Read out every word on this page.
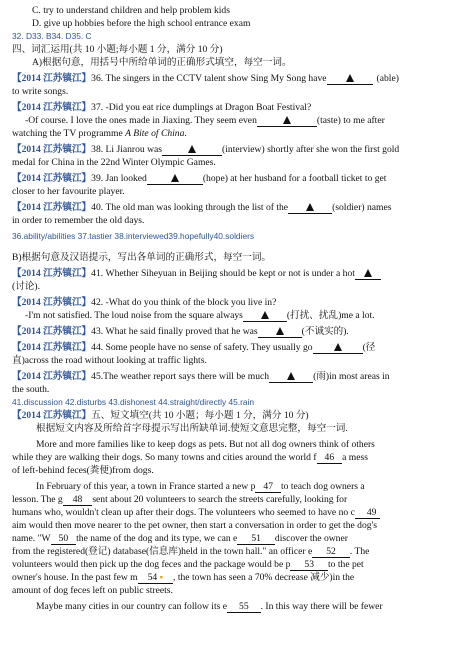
C. try to understand children and help problem kids
D. give up hobbies before the high school entrance exam
32. D33. B34. D35. C
四、词汇运用(共 10 小题;每小题 1 分，满分 10 分)
A)根据句意，用括号中所给单词的正确形式填空，每空一词。
【2014 江苏镇江】36. The singers in the CCTV talent show Sing My Song have	(able)
to write songs.
【2014 江苏镇江】37. -Did you eat rice dumplings at Dragon Boat Festival?
-Of course. I love the ones made in Jiaxing. They seem even	(taste) to me after
watching the TV programme A Bite of China.
【2014 江苏镇江】38. Li Jianrou was	(interview) shortly after she won the first gold
medal for China in the 22nd Winter Olympic Games.
【2014 江苏镇江】39. Jan looked	(hope) at her husband for a football ticket to get
closer to her favourite player.
【2014 江苏镇江】40. The old man was looking through the list of the	(soldier) names
in order to remember the old days.
36.ability/abilities 37.tastier 38.interviewed39.hopefully40.soldiers
B)根据句意及汉语提示，写出各单词的正确形式，每空一词。
【2014 江苏镇江】41. Whether Siheyuan in Beijing should be kept or not is under a hot
(讨论).
【2014 江苏镇江】42. -What do you think of the block you live in?
-I'm not satisfied. The loud noise from the square always	(打扰、扰乱)me a lot.
【2014 江苏镇江】43. What he said finally proved that he was	(不诚实的).
【2014 江苏镇江】44. Some people have no sense of safety. They usually go	(径
直)across the road without looking at traffic lights.
【2014 江苏镇江】45.The weather report says there will be much	(雨)in most areas in
the south.
41.discussion 42.disturbs 43.dishonest 44.straight/directly 45.rain
【2014 江苏镇江】五、短文填空(共 10 小题；每小题 1 分，满分 10 分)
根据短文内容及所给首字母提示写出所缺单词.使短文意思完整，每空一词.
More and more families like to keep dogs as pets. But not all dog owners think of others
while they are walking their dogs. So many towns and cities around the world f 46 a mess
of left-behind feces(粪便)from dogs.
In February of this year, a town in France started a new p 47 to teach dog owners a
lesson. The g 48 sent about 20 volunteers to search the streets carefully, looking for
humans who, wouldn't clean up after their dogs. The volunteers who seemed to have no c 49
aim would then move nearer to the pet owner, then start a conversation in order to get the dog's
name. "W 50 the name of the dog and its type, we can e 51 discover the owner
from the registered(登记) database(信息库)held in the town hall." an officer e 52 . The
volunteers would then pick up the dog feces and the package would be p 53 to the pet
owner's house. In the past few m 54 ▪ , the town has seen a 70% decrease 减少)in the
amount of dog feces left on public streets.
Maybe many cities in our country can follow its e 55 . In this way there will be fewer
